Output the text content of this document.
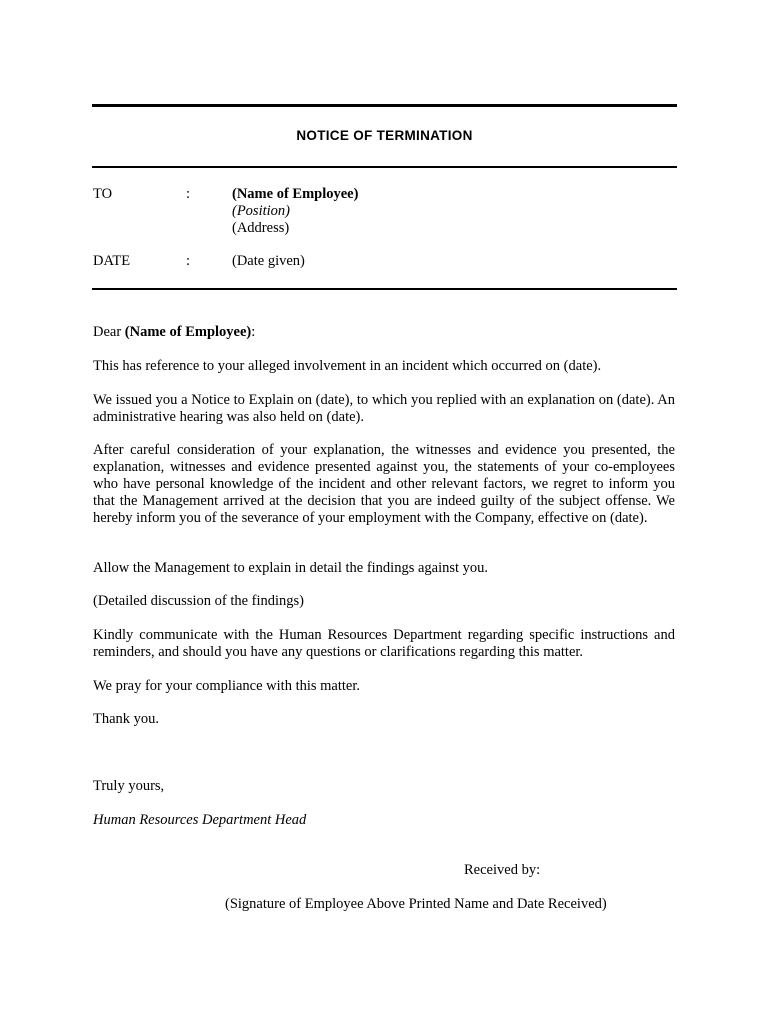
NOTICE OF TERMINATION
TO	:	(Name of Employee)
(Position)
(Address)
DATE	:	(Date given)
Dear (Name of Employee):
This has reference to your alleged involvement in an incident which occurred on (date).
We issued you a Notice to Explain on (date), to which you replied with an explanation on (date). An administrative hearing was also held on (date).
After careful consideration of your explanation, the witnesses and evidence you presented, the explanation, witnesses and evidence presented against you, the statements of your co-employees who have personal knowledge of the incident and other relevant factors, we regret to inform you that the Management arrived at the decision that you are indeed guilty of the subject offense. We hereby inform you of the severance of your employment with the Company, effective on (date).
Allow the Management to explain in detail the findings against you.
(Detailed discussion of the findings)
Kindly communicate with the Human Resources Department regarding specific instructions and reminders, and should you have any questions or clarifications regarding this matter.
We pray for your compliance with this matter.
Thank you.
Truly yours,
Human Resources Department Head
Received by:
(Signature of Employee Above Printed Name and Date Received)
